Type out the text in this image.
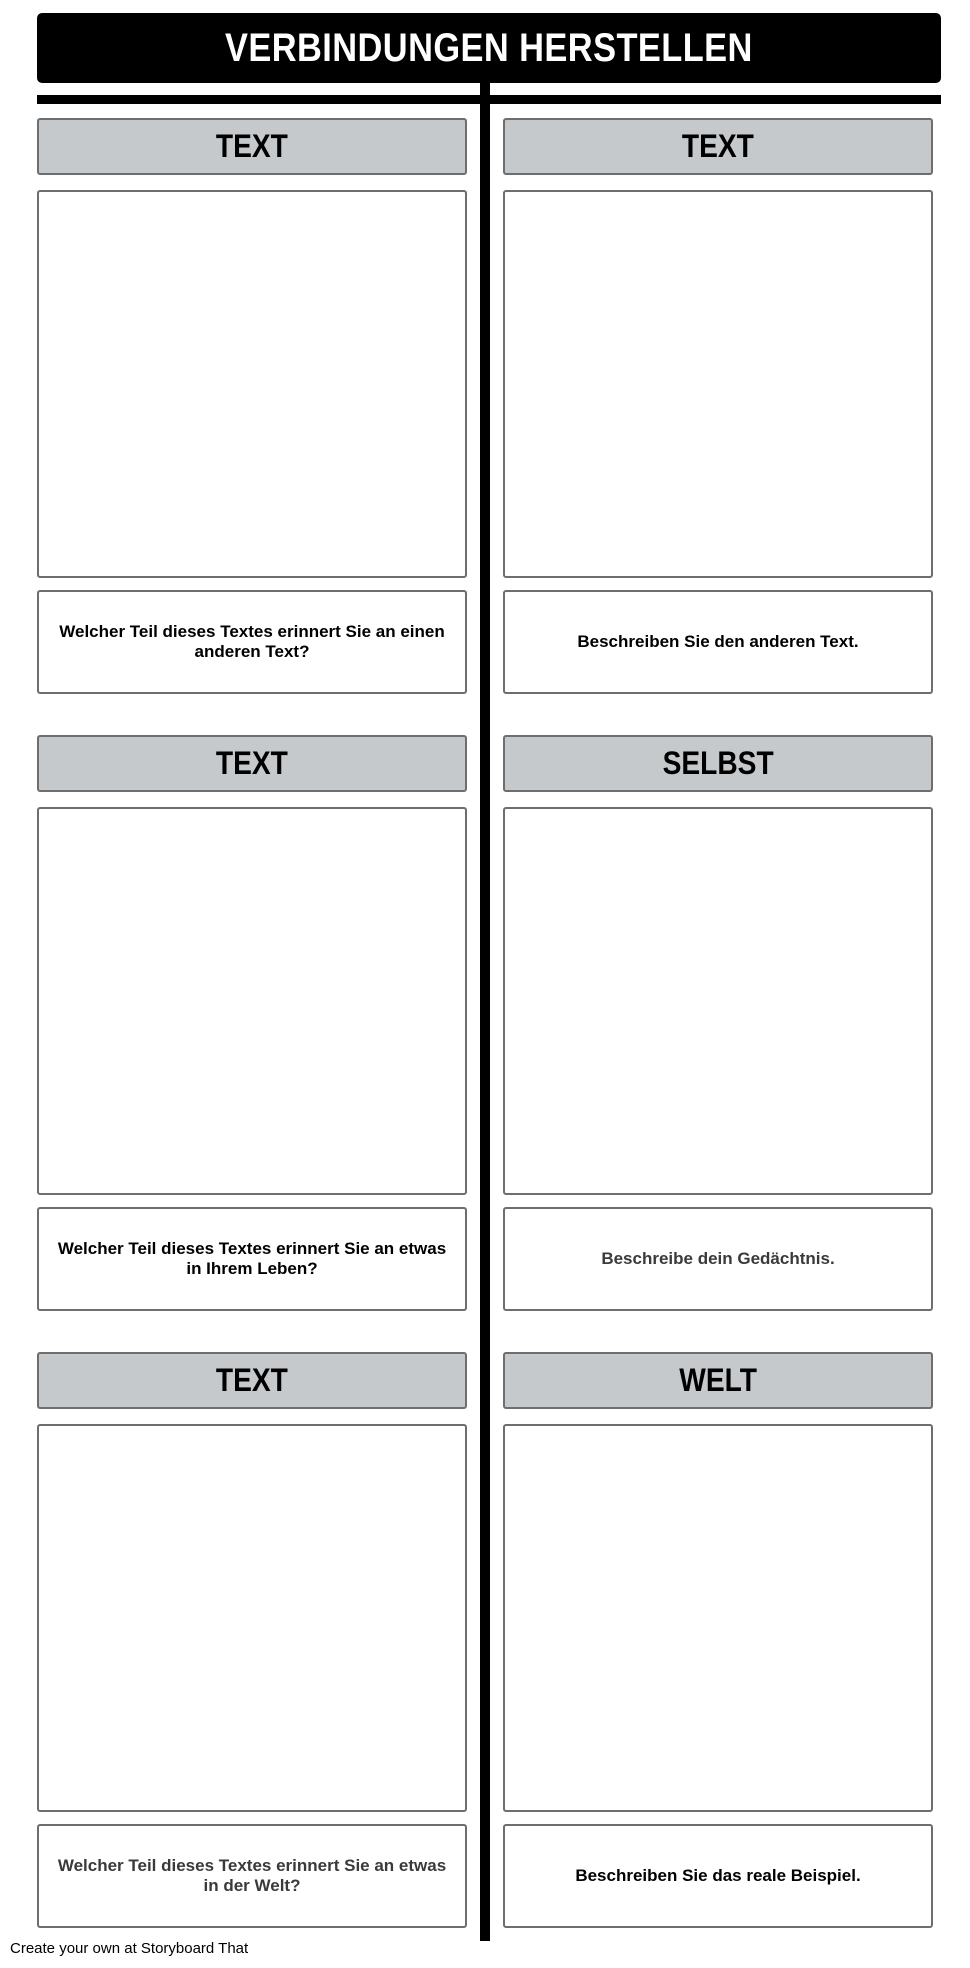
VERBINDUNGEN HERSTELLEN
TEXT	TEXT
Welcher Teil dieses Textes erinnert Sie an einen anderen Text?
Beschreiben Sie den anderen Text.
TEXT	SELBST
Welcher Teil dieses Textes erinnert Sie an etwas in Ihrem Leben?
Beschreibe dein Gedächtnis.
TEXT	WELT
Welcher Teil dieses Textes erinnert Sie an etwas in der Welt?
Beschreiben Sie das reale Beispiel.
Create your own at Storyboard That
